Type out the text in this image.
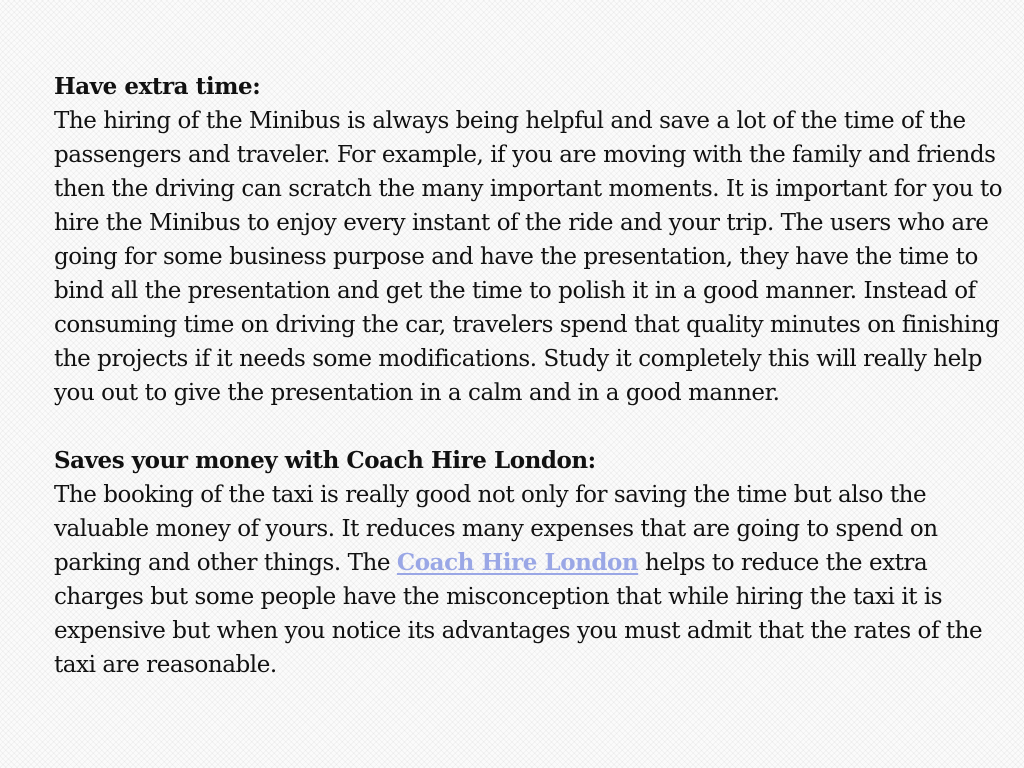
Have extra time:

The hiring of the Minibus is always being helpful and save a lot of the time of the passengers and traveler. For example, if you are moving with the family and friends then the driving can scratch the many important moments. It is important for you to hire the Minibus to enjoy every instant of the ride and your trip. The users who are going for some business purpose and have the presentation, they have the time to bind all the presentation and get the time to polish it in a good manner. Instead of consuming time on driving the car, travelers spend that quality minutes on finishing the projects if it needs some modifications. Study it completely this will really help you out to give the presentation in a calm and in a good manner.

Saves your money with Coach Hire London:

The booking of the taxi is really good not only for saving the time but also the valuable money of yours. It reduces many expenses that are going to spend on parking and other things. The Coach Hire London helps to reduce the extra charges but some people have the misconception that while hiring the taxi it is expensive but when you notice its advantages you must admit that the rates of the taxi are reasonable.
